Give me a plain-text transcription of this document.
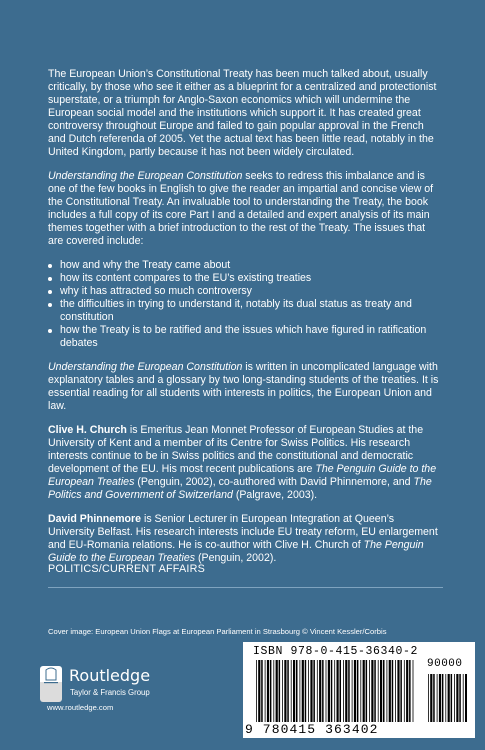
The European Union’s Constitutional Treaty has been much talked about, usually critically, by those who see it either as a blueprint for a centralized and protectionist superstate, or a triumph for Anglo-Saxon economics which will undermine the European social model and the institutions which support it. It has created great controversy throughout Europe and failed to gain popular approval in the French and Dutch referenda of 2005. Yet the actual text has been little read, notably in the United Kingdom, partly because it has not been widely circulated.

Understanding the European Constitution seeks to redress this imbalance and is one of the few books in English to give the reader an impartial and concise view of the Constitutional Treaty. An invaluable tool to understanding the Treaty, the book includes a full copy of its core Part I and a detailed and expert analysis of its main themes together with a brief introduction to the rest of the Treaty. The issues that are covered include:

how and why the Treaty came about
how its content compares to the EU’s existing treaties
why it has attracted so much controversy
the difficulties in trying to understand it, notably its dual status as treaty and constitution
how the Treaty is to be ratified and the issues which have figured in ratification debates

Understanding the European Constitution is written in uncomplicated language with explanatory tables and a glossary by two long-standing students of the treaties. It is essential reading for all students with interests in politics, the European Union and law.

Clive H. Church is Emeritus Jean Monnet Professor of European Studies at the University of Kent and a member of its Centre for Swiss Politics. His research interests continue to be in Swiss politics and the constitutional and democratic development of the EU. His most recent publications are The Penguin Guide to the European Treaties (Penguin, 2002), co-authored with David Phinnemore, and The Politics and Government of Switzerland (Palgrave, 2003).

David Phinnemore is Senior Lecturer in European Integration at Queen’s University Belfast. His research interests include EU treaty reform, EU enlargement and EU-Romania relations. He is co-author with Clive H. Church of The Penguin Guide to the European Treaties (Penguin, 2002).

POLITICS/CURRENT AFFAIRS
Cover image: European Union Flags at European Parliament in Strasbourg © Vincent Kessler/Corbis
Routledge
Taylor & Francis Group
www.routledge.com
ISBN 978-0-415-36340-2
90000
9 780415 363402
